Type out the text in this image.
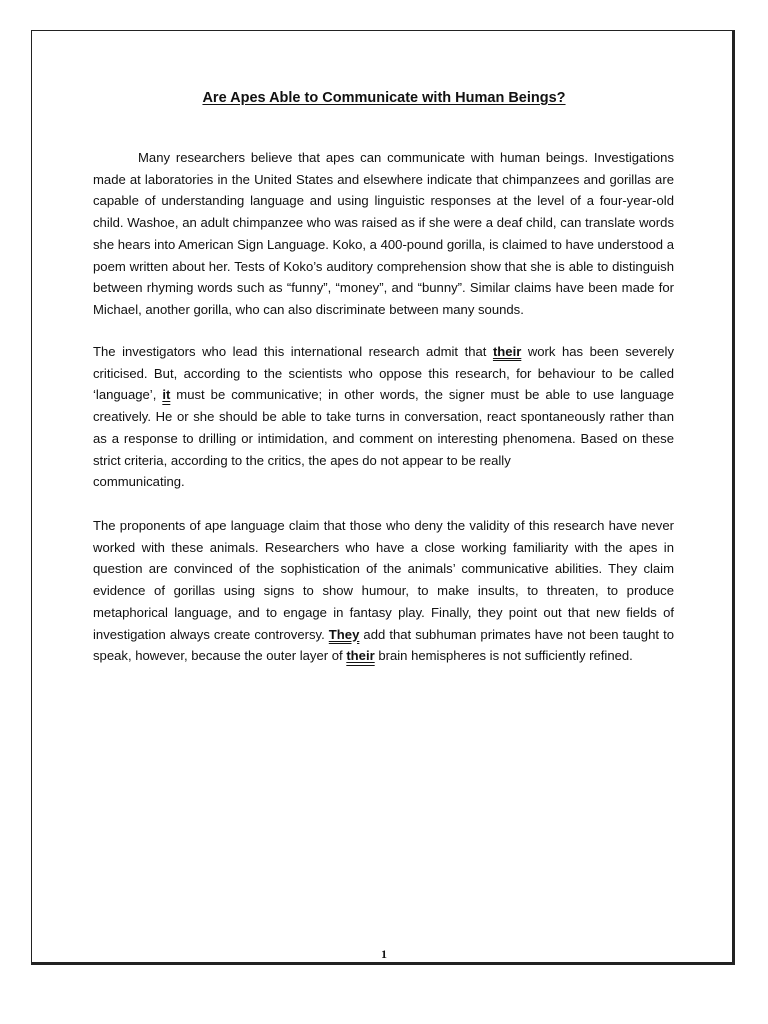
Are Apes Able to Communicate with Human Beings?

Many researchers believe that apes can communicate with human beings. Investigations made at laboratories in the United States and elsewhere indicate that chimpanzees and gorillas are capable of understanding language and using linguistic responses at the level of a four-year-old child. Washoe, an adult chimpanzee who was raised as if she were a deaf child, can translate words she hears into American Sign Language. Koko, a 400-pound gorilla, is claimed to have understood a poem written about her. Tests of Koko’s auditory comprehension show that she is able to distinguish between rhyming words such as “funny”, “money”, and “bunny”. Similar claims have been made for Michael, another gorilla, who can also discriminate between many sounds.

The investigators who lead this international research admit that their work has been severely criticised. But, according to the scientists who oppose this research, for behaviour to be called ‘language’, it must be communicative; in other words, the signer must be able to use language creatively. He or she should be able to take turns in conversation, react spontaneously rather than as a response to drilling or intimidation, and comment on interesting phenomena. Based on these strict criteria, according to the critics, the apes do not appear to be really
communicating.

The proponents of ape language claim that those who deny the validity of this research have never worked with these animals. Researchers who have a close working familiarity with the apes in question are convinced of the sophistication of the animals’ communicative abilities. They claim evidence of gorillas using signs to show humour, to make insults, to threaten, to produce metaphorical language, and to engage in fantasy play. Finally, they point out that new fields of investigation always create controversy. They add that subhuman primates have not been taught to speak, however, because the outer layer of their brain hemispheres is not sufficiently refined.

1
